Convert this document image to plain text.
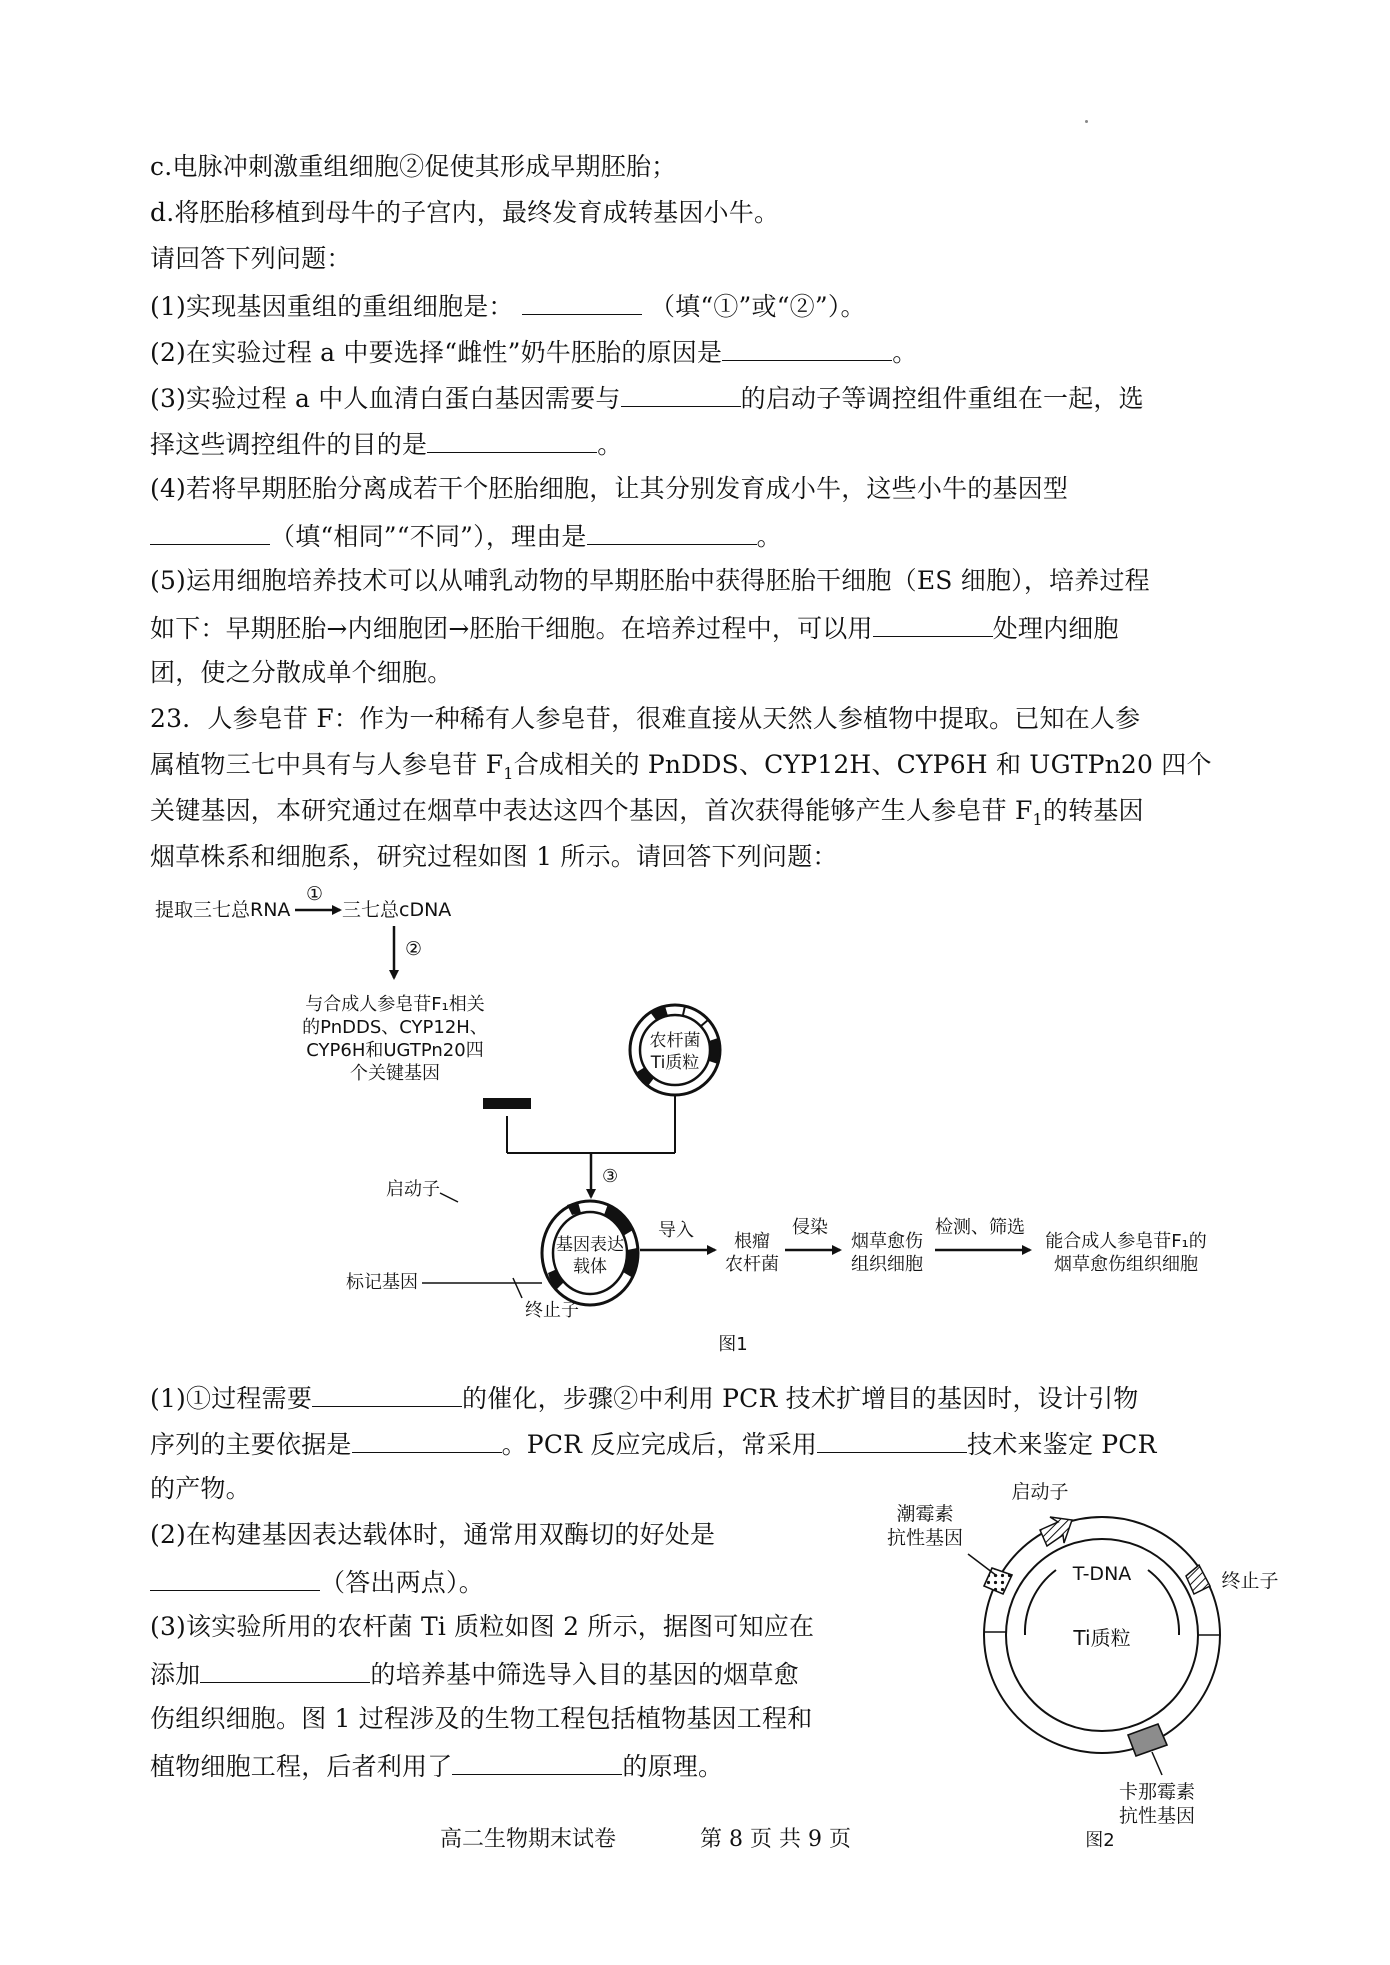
c.电脉冲刺激重组细胞②促使其形成早期胚胎；
d.将胚胎移植到母牛的子宫内，最终发育成转基因小牛。
请回答下列问题：
(1)实现基因重组的重组细胞是：	（填“①”或“②”）。
(2)在实验过程 a 中要选择“雌性”奶牛胚胎的原因是	。
(3)实验过程 a 中人血清白蛋白基因需要与	的启动子等调控组件重组在一起，选
择这些调控组件的目的是	。
(4)若将早期胚胎分离成若干个胚胎细胞，让其分别发育成小牛，这些小牛的基因型
（填“相同”“不同”），理由是	。
(5)运用细胞培养技术可以从哺乳动物的早期胚胎中获得胚胎干细胞（ES 细胞），培养过程
如下：早期胚胎→内细胞团→胚胎干细胞。在培养过程中，可以用	处理内细胞
团，使之分散成单个细胞。
23．人参皂苷 F：作为一种稀有人参皂苷，很难直接从天然人参植物中提取。已知在人参
属植物三七中具有与人参皂苷 $F_1$合成相关的 PnDDS、CYP12H、CYP6H 和 UGTPn20 四个
关键基因，本研究通过在烟草中表达这四个基因，首次获得能够产生人参皂苷 $F_1$的转基因
烟草株系和细胞系，研究过程如图 1 所示。请回答下列问题：
提取三七总RNA
①
三七总cDNA
②
与合成人参皂苷F₁相关
的PnDDS、CYP12H、
CYP6H和UGTPn20四
个关键基因
农杆菌
Ti质粒
③
基因表达
载体
启动子
标记基因
终止子
导入
根瘤
农杆菌
侵染
烟草愈伤
组织细胞
检测、筛选
能合成人参皂苷F₁的
烟草愈伤组织细胞
图1
(1)①过程需要	的催化，步骤②中利用 PCR 技术扩增目的基因时，设计引物
序列的主要依据是	。PCR 反应完成后，常采用	技术来鉴定 PCR
的产物。
(2)在构建基因表达载体时，通常用双酶切的好处是
（答出两点）。
(3)该实验所用的农杆菌 Ti 质粒如图 2 所示，据图可知应在
添加	的培养基中筛选导入目的基因的烟草愈
伤组织细胞。图 1 过程涉及的生物工程包括植物基因工程和
植物细胞工程，后者利用了	的原理。
T-DNA
Ti质粒
潮霉素
抗性基因
启动子
终止子
卡那霉素
抗性基因
图2
高二生物期末试卷	第 8 页 共 9 页
